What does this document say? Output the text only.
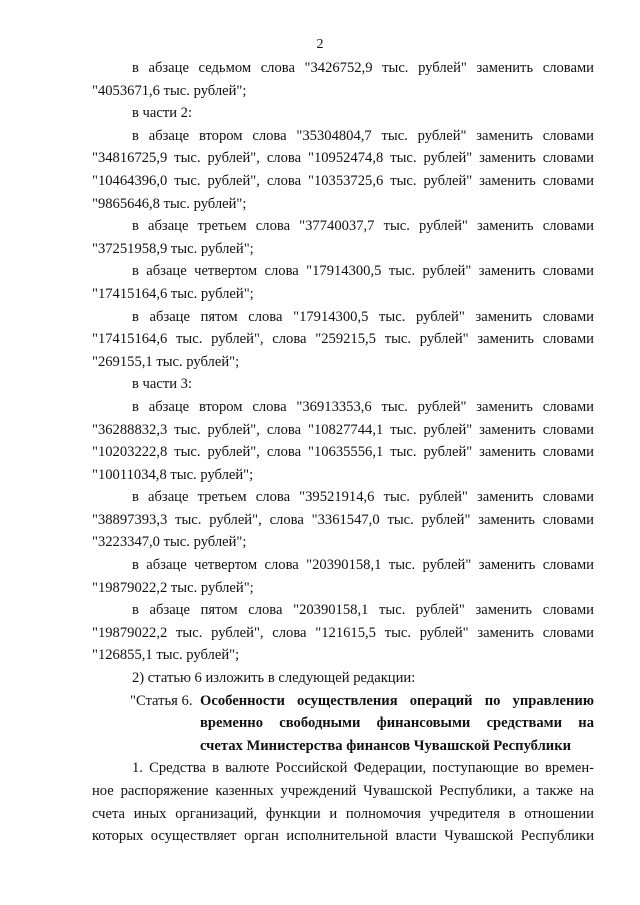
2
в абзаце седьмом слова "3426752,9 тыс. рублей" заменить словами
"4053671,6 тыс. рублей";
в части 2:
в абзаце втором слова "35304804,7 тыс. рублей" заменить словами
"34816725,9 тыс. рублей", слова "10952474,8 тыс. рублей" заменить словами
"10464396,0 тыс. рублей", слова "10353725,6 тыс. рублей" заменить словами
"9865646,8 тыс. рублей";
в абзаце третьем слова "37740037,7 тыс. рублей" заменить словами
"37251958,9 тыс. рублей";
в абзаце четвертом слова "17914300,5 тыс. рублей" заменить словами
"17415164,6 тыс. рублей";
в абзаце пятом слова "17914300,5 тыс. рублей" заменить словами
"17415164,6 тыс. рублей", слова "259215,5 тыс. рублей" заменить словами
"269155,1 тыс. рублей";
в части 3:
в абзаце втором слова "36913353,6 тыс. рублей" заменить словами
"36288832,3 тыс. рублей", слова "10827744,1 тыс. рублей" заменить словами
"10203222,8 тыс. рублей", слова "10635556,1 тыс. рублей" заменить словами
"10011034,8 тыс. рублей";
в абзаце третьем слова "39521914,6 тыс. рублей" заменить словами
"38897393,3 тыс. рублей", слова "3361547,0 тыс. рублей" заменить словами
"3223347,0 тыс. рублей";
в абзаце четвертом слова "20390158,1 тыс. рублей" заменить словами
"19879022,2 тыс. рублей";
в абзаце пятом слова "20390158,1 тыс. рублей" заменить словами
"19879022,2 тыс. рублей", слова "121615,5 тыс. рублей" заменить словами
"126855,1 тыс. рублей";
2) статью 6 изложить в следующей редакции:
"Статья 6. Особенности осуществления операций по управлению
временно свободными финансовыми средствами на
счетах Министерства финансов Чувашской Республики
1. Средства в валюте Российской Федерации, поступающие во времен-
ное распоряжение казенных учреждений Чувашской Республики, а также на
счета иных организаций, функции и полномочия учредителя в отношении
которых осуществляет орган исполнительной власти Чувашской Республики
